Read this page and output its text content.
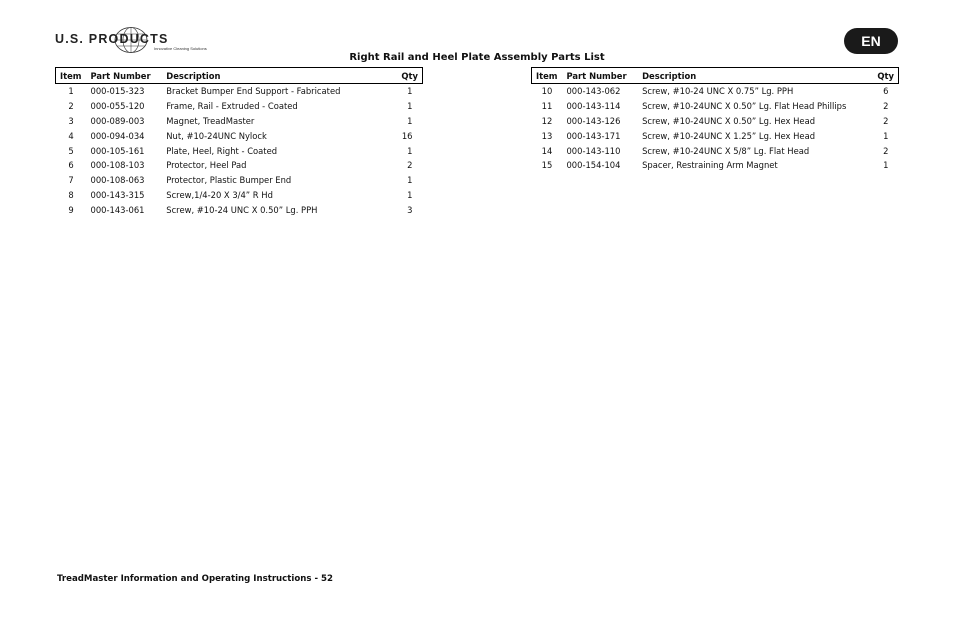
U.S. PRODUCTS
Innovative Cleaning Solutions	EN
Right Rail and Heel Plate Assembly Parts List
Item	Part Number	Description	Qty
1	000-015-323	Bracket Bumper End Support - Fabricated	1
2	000-055-120	Frame, Rail - Extruded - Coated	1
3	000-089-003	Magnet, TreadMaster	1
4	000-094-034	Nut, #10-24UNC Nylock	16
5	000-105-161	Plate, Heel, Right - Coated	1
6	000-108-103	Protector, Heel Pad	2
7	000-108-063	Protector, Plastic Bumper End	1
8	000-143-315	Screw,1/4-20 X 3/4” R Hd	1
9	000-143-061	Screw, #10-24 UNC X 0.50” Lg. PPH	3
Item	Part Number	Description	Qty
10	000-143-062	Screw, #10-24 UNC X 0.75” Lg. PPH	6
11	000-143-114	Screw, #10-24UNC X 0.50” Lg. Flat Head Phillips	2
12	000-143-126	Screw, #10-24UNC X 0.50” Lg. Hex Head	2
13	000-143-171	Screw, #10-24UNC X 1.25” Lg. Hex Head	1
14	000-143-110	Screw, #10-24UNC X 5/8” Lg. Flat Head	2
15	000-154-104	Spacer, Restraining Arm Magnet	1
TreadMaster Information and Operating Instructions - 52
